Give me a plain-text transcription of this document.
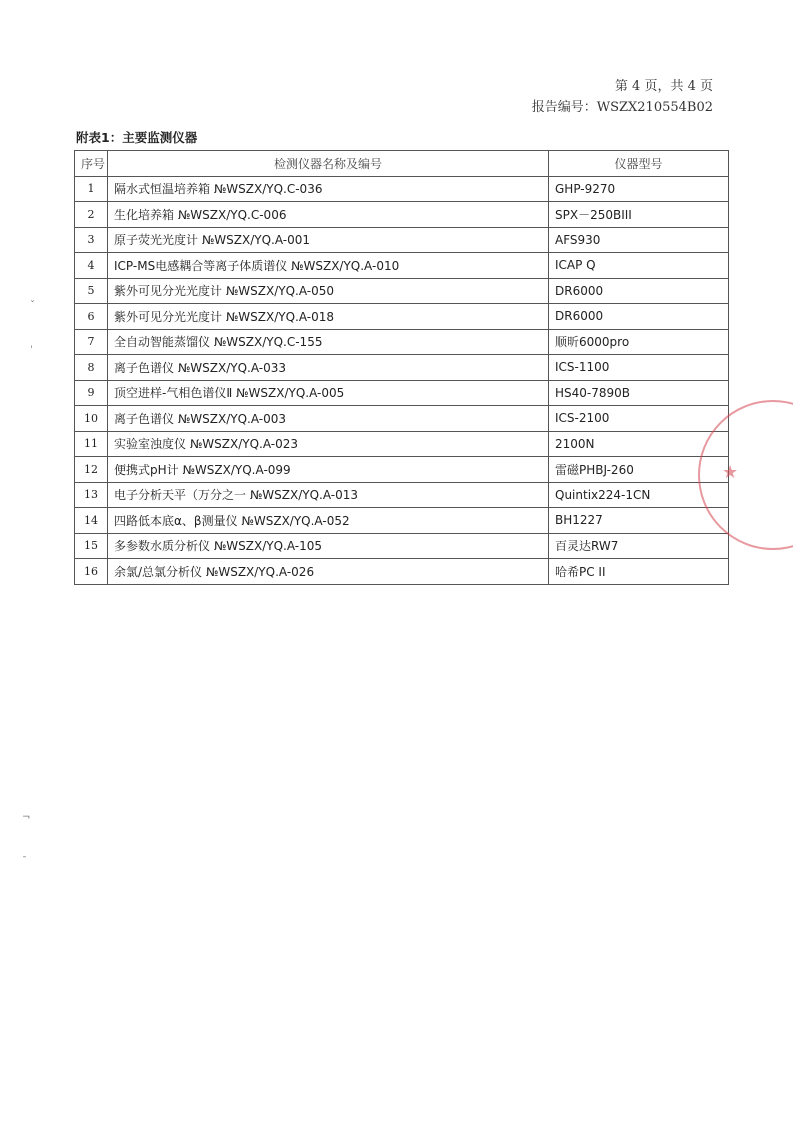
第 4 页，共 4 页
报告编号：WSZX210554B02
附表1：主要监测仪器
序号	检测仪器名称及编号	仪器型号
1	隔水式恒温培养箱 №WSZX/YQ.C-036	GHP-9270
2	生化培养箱 №WSZX/YQ.C-006	SPX－250BIII
3	原子荧光光度计 №WSZX/YQ.A-001	AFS930
4	ICP-MS电感耦合等离子体质谱仪 №WSZX/YQ.A-010	ICAP Q
5	紫外可见分光光度计 №WSZX/YQ.A-050	DR6000
6	紫外可见分光光度计 №WSZX/YQ.A-018	DR6000
7	全自动智能蒸馏仪 №WSZX/YQ.C-155	顺昕6000pro
8	离子色谱仪 №WSZX/YQ.A-033	ICS-1100
9	顶空进样-气相色谱仪Ⅱ №WSZX/YQ.A-005	HS40-7890B
10	离子色谱仪 №WSZX/YQ.A-003	ICS-2100
11	实验室浊度仪 №WSZX/YQ.A-023	2100N
12	便携式pH计 №WSZX/YQ.A-099	雷磁PHBJ-260
13	电子分析天平（万分之一 №WSZX/YQ.A-013	Quintix224-1CN
14	四路低本底α、β测量仪 №WSZX/YQ.A-052	BH1227
15	多参数水质分析仪 №WSZX/YQ.A-105	百灵达RW7
16	余氯/总氯分析仪 №WSZX/YQ.A-026	哈希PC II
★
ˇ
ˈ
¬
ˉ
